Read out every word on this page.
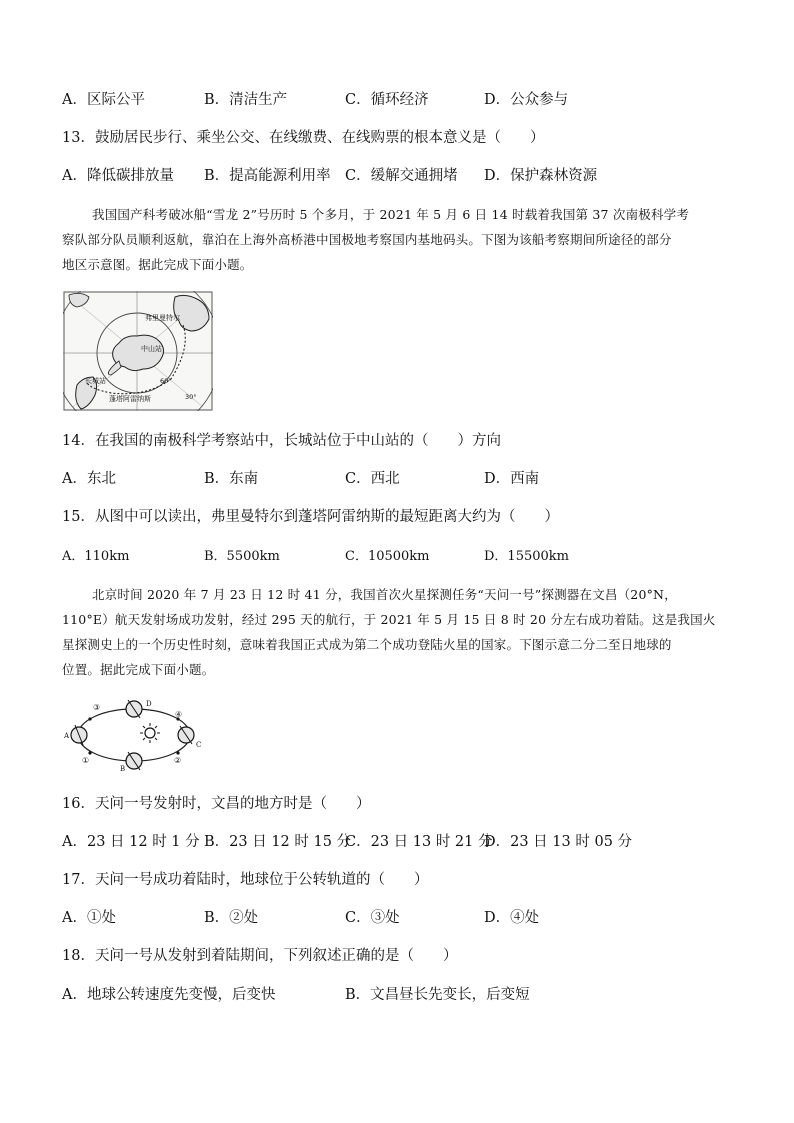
A．区际公平	B．清洁生产	C．循环经济	D．公众参与
13．鼓励居民步行、乘坐公交、在线缴费、在线购票的根本意义是（　　）
A．降低碳排放量 B．提高能源利用率 C．缓解交通拥堵 D．保护森林资源
我国国产科考破冰船“雪龙 2”号历时 5 个多月，于 2021 年 5 月 6 日 14 时载着我国第 37 次南极科学考
察队部分队员顺利返航，靠泊在上海外高桥港中国极地考察国内基地码头。下图为该船考察期间所途径的部分
地区示意图。据此完成下面小题。
弗里曼特尔
中山站
长城站
蓬塔阿雷纳斯
60°
30°
14．在我国的南极科学考察站中，长城站位于中山站的（　　）方向
A．东北	B．东南	C．西北	D．西南
15．从图中可以读出，弗里曼特尔到蓬塔阿雷纳斯的最短距离大约为（　　）
A．110km	B．5500km	C．10500km	D．15500km
北京时间 2020 年 7 月 23 日 12 时 41 分，我国首次火星探测任务“天问一号”探测器在文昌（20°N，
110°E）航天发射场成功发射，经过 295 天的航行，于 2021 年 5 月 15 日 8 时 20 分左右成功着陆。这是我国火
星探测史上的一个历史性时刻，意味着我国正式成为第二个成功登陆火星的国家。下图示意二分二至日地球的
位置。据此完成下面小题。
A
D
C
B
①	②
③
④
16．天问一号发射时，文昌的地方时是（　　）
A．23 日 12 时 1 分 B．23 日 12 时 15 分
C．23 日 13 时 21 分
D．23 日 13 时 05 分
17．天问一号成功着陆时，地球位于公转轨道的（　　）
A．①处	B．②处	C．③处	D．④处
18．天问一号从发射到着陆期间，下列叙述正确的是（　　）
A．地球公转速度先变慢，后变快	B．文昌昼长先变长，后变短
